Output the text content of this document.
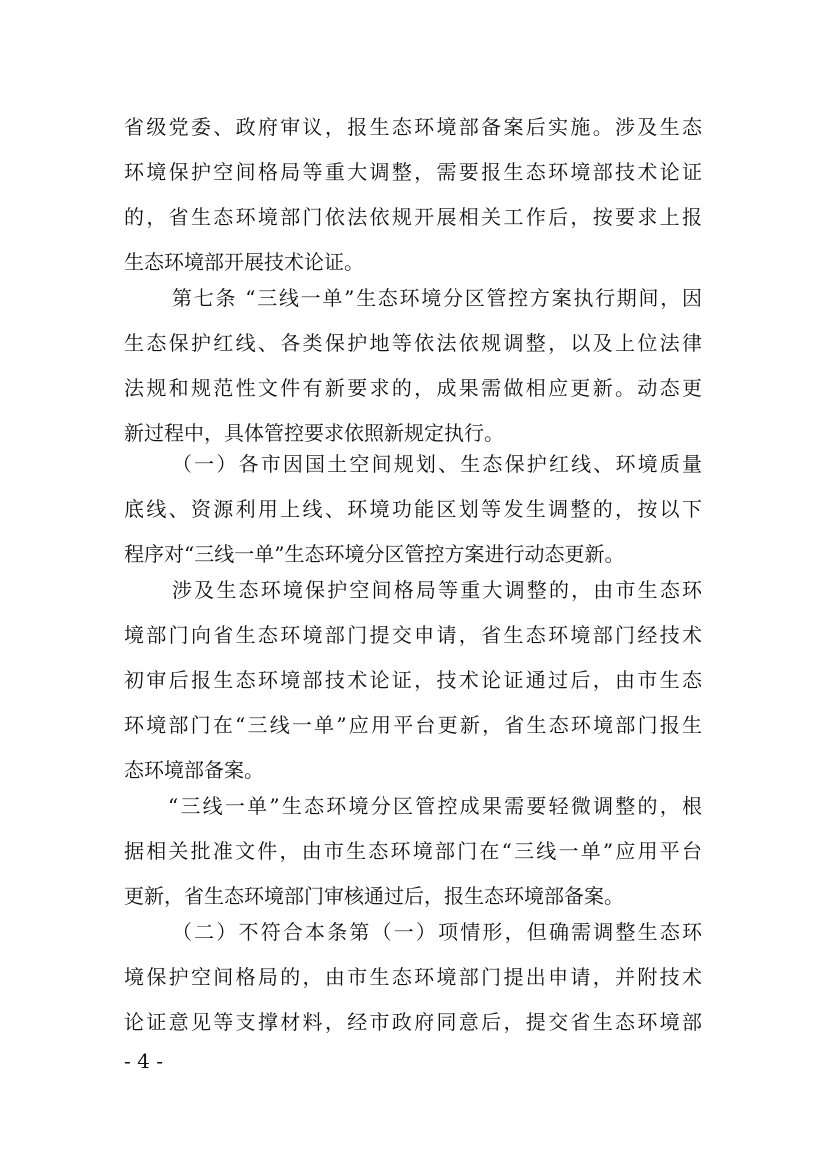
省级党委、政府审议，报生态环境部备案后实施。涉及生态
环境保护空间格局等重大调整，需要报生态环境部技术论证
的，省生态环境部门依法依规开展相关工作后，按要求上报
生态环境部开展技术论证。
第七条 “三线一单”生态环境分区管控方案执行期间，因
生态保护红线、各类保护地等依法依规调整，以及上位法律
法规和规范性文件有新要求的，成果需做相应更新。动态更
新过程中，具体管控要求依照新规定执行。
（一）各市因国土空间规划、生态保护红线、环境质量
底线、资源利用上线、环境功能区划等发生调整的，按以下
程序对“三线一单”生态环境分区管控方案进行动态更新。
涉及生态环境保护空间格局等重大调整的，由市生态环
境部门向省生态环境部门提交申请，省生态环境部门经技术
初审后报生态环境部技术论证，技术论证通过后，由市生态
环境部门在“三线一单”应用平台更新，省生态环境部门报生
态环境部备案。
“三线一单”生态环境分区管控成果需要轻微调整的，根
据相关批准文件，由市生态环境部门在“三线一单”应用平台
更新，省生态环境部门审核通过后，报生态环境部备案。
（二）不符合本条第（一）项情形，但确需调整生态环
境保护空间格局的，由市生态环境部门提出申请，并附技术
论证意见等支撑材料，经市政府同意后，提交省生态环境部
- 4 -
